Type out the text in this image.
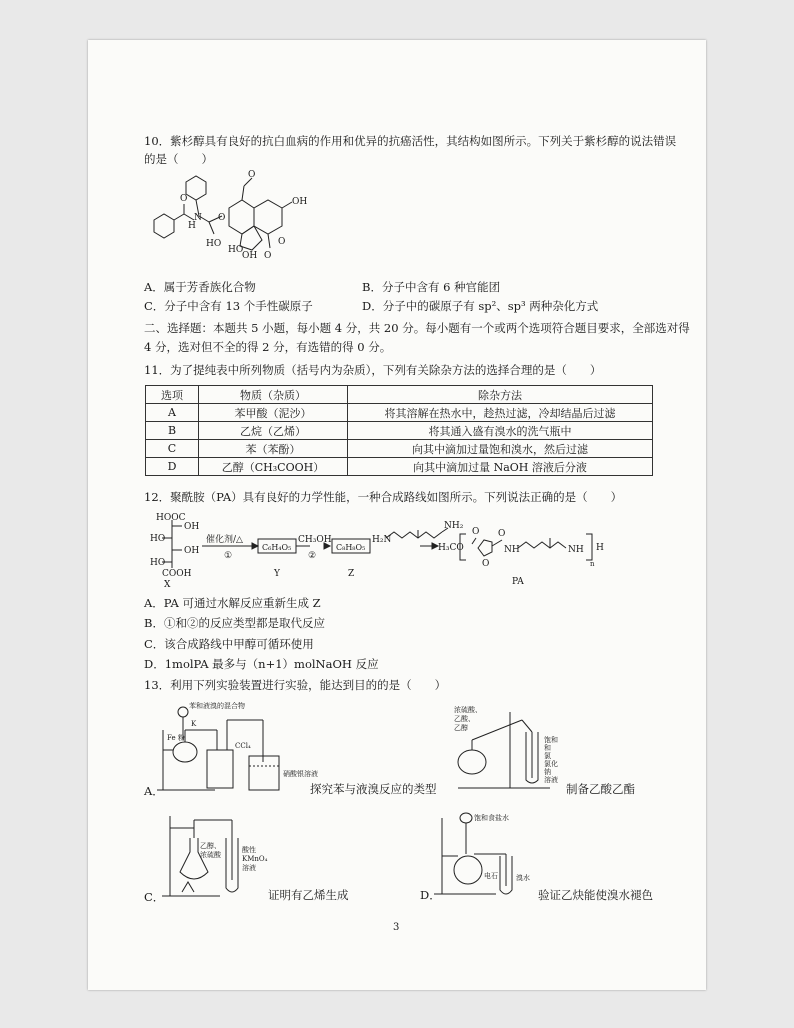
10．紫杉醇具有良好的抗白血病的作用和优异的抗癌活性，其结构如图所示。下列关于紫杉醇的说法错误
的是（　　）
O
O
OH
HO
H
N
O
OH
HO
O
O
A．属于芳香族化合物	B．分子中含有 6 种官能团
C．分子中含有 13 个手性碳原子	D．分子中的碳原子有 sp²、sp³ 两种杂化方式
二、选择题：本题共 5 小题，每小题 4 分，共 20 分。每小题有一个或两个选项符合题目要求，全部选对得
4 分，选对但不全的得 2 分，有选错的得 0 分。
11．为了提纯表中所列物质（括号内为杂质），下列有关除杂方法的选择合理的是（　　）
选项	物质（杂质）	除杂方法
A	苯甲酸（泥沙）	将其溶解在热水中，趁热过滤，冷却结晶后过滤
B	乙烷（乙烯）	将其通入盛有溴水的洗气瓶中
C	苯（苯酚）	向其中滴加过量饱和溴水，然后过滤
D	乙醇（CH₃COOH）	向其中滴加过量 NaOH 溶液后分液
12．聚酰胺（PA）具有良好的力学性能，一种合成路线如图所示。下列说法正确的是（　　）
HOOC
OH
HO
OH
HO
COOH
X
催化剂/△
①
C₆H₄O₅
CH₃OH
②
C₈H₈O₅
Y	Z
H₂N
NH₂
H₃CO
O
O
O
NH	NH H
n
PA
A．PA 可通过水解反应重新生成 Z
B．①和②的反应类型都是取代反应
C．该合成路线中甲醇可循环使用
D．1molPA 最多与（n+1）molNaOH 反应
13．利用下列实验装置进行实验，能达到目的的是（　　）
苯和液溴的混合物
K
Fe 粉
CCl₄
硝酸银溶液
A．	探究苯与液溴反应的类型
浓硫酸、
乙酸、
乙醇
和
氯
饱和
氯化
钠
溶液
制备乙酸乙酯
乙醇、
浓硫酸
酸性
KMnO₄
溶液
C．	证明有乙烯生成
饱和食盐水
电石	溴水
D．	验证乙炔能使溴水褪色
3
